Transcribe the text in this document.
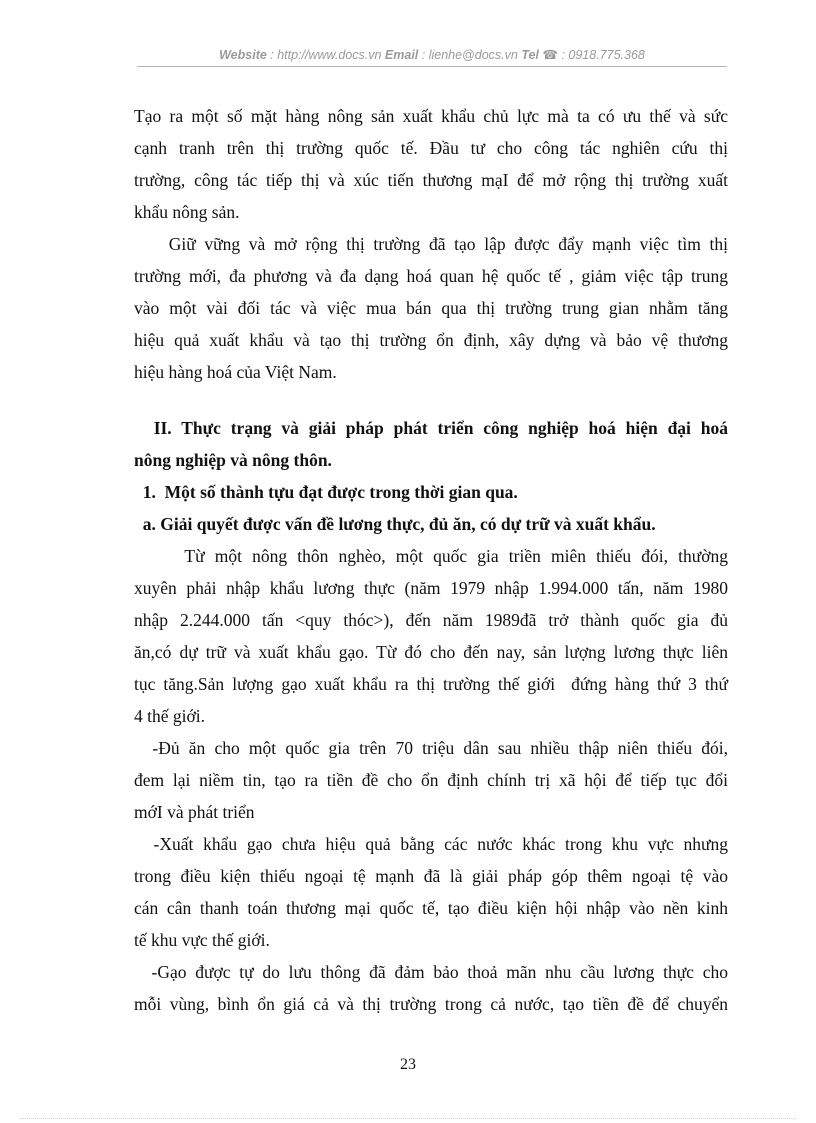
Website : http://www.docs.vn Email : lienhe@docs.vn Tel ☎ : 0918.775.368
Tạo ra một số mặt hàng nông sản xuất khẩu chủ lực mà ta có ưu thế và sức
cạnh tranh trên thị trường quốc tế. Đầu tư cho công tác nghiên cứu thị
trường, công tác tiếp thị và xúc tiến thương mạI để mở rộng thị trường xuất
khẩu nông sản.
Giữ vững và mở rộng thị trường đã tạo lập được đẩy mạnh việc tìm thị
trường mới, đa phương và đa dạng hoá quan hệ quốc tế , giảm việc tập trung
vào một vài đối tác và việc mua bán qua thị trường trung gian nhằm tăng
hiệu quả xuất khẩu và tạo thị trường ổn định, xây dựng và bảo vệ thương
hiệu hàng hoá của Việt Nam.
II. Thực trạng và giải pháp phát triển công nghiệp hoá hiện đại hoá
nông nghiệp và nông thôn.
1.  Một số thành tựu đạt được trong thời gian qua.
a. Giải quyết được vấn đề lương thực, đủ ăn, có dự trữ và xuất khẩu.
Từ một nông thôn nghèo, một quốc gia triền miên thiếu đói, thường
xuyên phải nhập khẩu lương thực (năm 1979 nhập 1.994.000 tấn, năm 1980
nhập 2.244.000 tấn <quy thóc>), đến năm 1989đã trở thành quốc gia đủ
ăn,có dự trữ và xuất khẩu gạo. Từ đó cho đến nay, sản lượng lương thực liên
tục tăng.Sản lượng gạo xuất khẩu ra thị trường thế giới  đứng hàng thứ 3 thứ
4 thế giới.
-Đủ ăn cho một quốc gia trên 70 triệu dân sau nhiều thập niên thiếu đói,
đem lại niềm tin, tạo ra tiền đề cho ổn định chính trị xã hội để tiếp tục đổi
mớI và phát triển
-Xuất khẩu gạo chưa hiệu quả bằng các nước khác trong khu vực nhưng
trong điều kiện thiếu ngoại tệ mạnh đã là giải pháp góp thêm ngoại tệ vào
cán cân thanh toán thương mại quốc tế, tạo điều kiện hội nhập vào nền kinh
tế khu vực thế giới.
-Gạo được tự do lưu thông đã đảm bảo thoả mãn nhu cầu lương thực cho
mỗi vùng, bình ổn giá cả và thị trường trong cả nước, tạo tiền đề để chuyển
23
